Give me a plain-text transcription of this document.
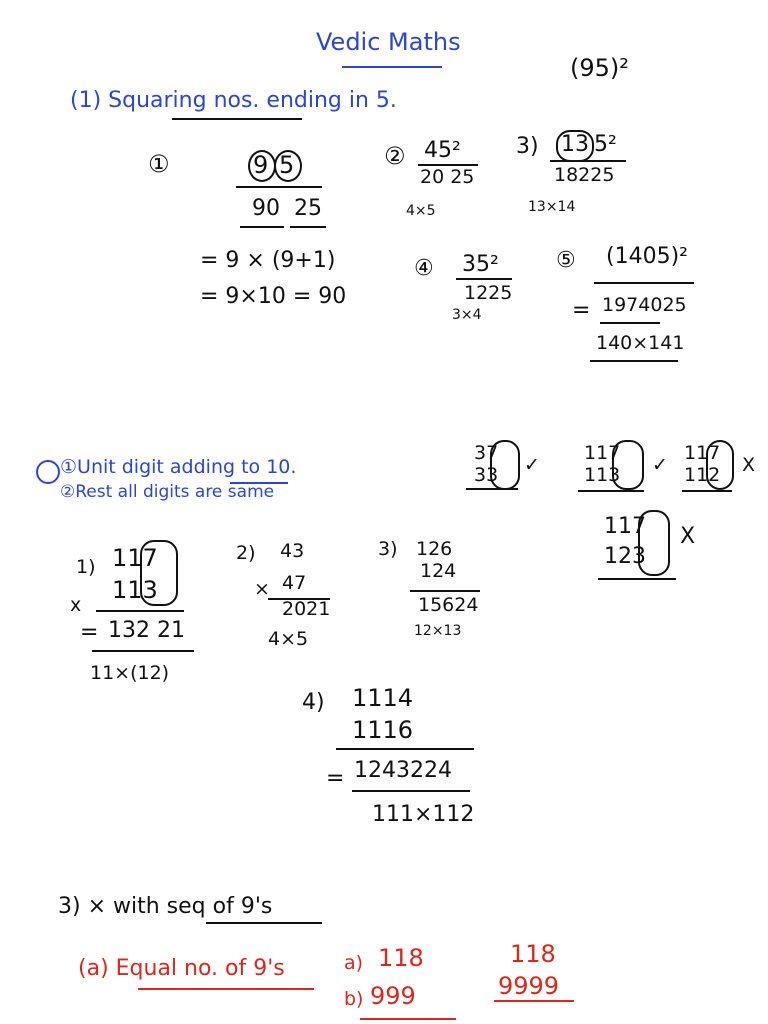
Vedic Maths
(95)²
(1) Squaring nos. ending in 5.
①	9 5
90 25
= 9 × (9+1)
= 9×10 = 90
② 45²
20 25
4×5
3) 13 5²
18225
13×14
④ 35²
1225
3×4
⑤ (1405)²
= 1974025
140×141
①Unit digit adding to 10.
②Rest all digits are same
37
33 ✓
117
113 ✓
117
112 X
117
123
X
1) 117
x
113
= 132 21
11×(12)
2) 43
× 47
2021
4×5
3) 126
124
15624
12×13
4) 1114
1116
= 1243224
111×112
3) × with seq of 9's
(a) Equal no. of 9's	a) 118
b) 999
118
9999
